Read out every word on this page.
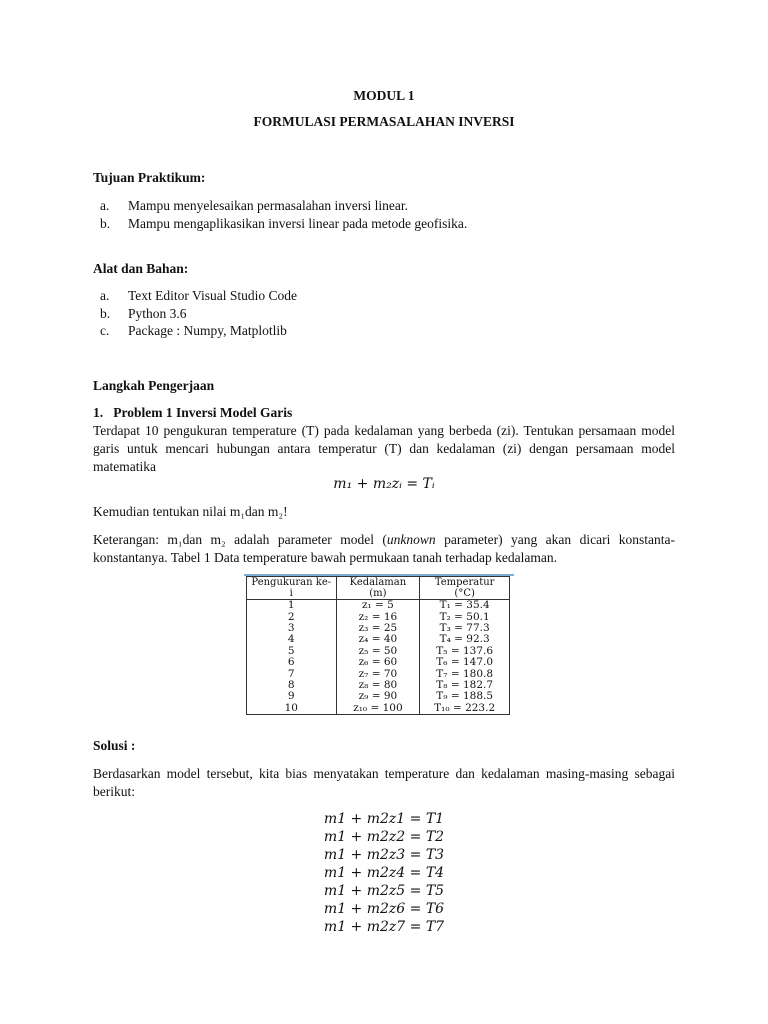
MODUL 1
FORMULASI PERMASALAHAN INVERSI
Tujuan Praktikum:
a. Mampu menyelesaikan permasalahan inversi linear.
b. Mampu mengaplikasikan inversi linear pada metode geofisika.
Alat dan Bahan:
a. Text Editor Visual Studio Code
b. Python 3.6
c. Package : Numpy, Matplotlib
Langkah Pengerjaan
1.   Problem 1 Inversi Model Garis
Terdapat 10 pengukuran temperature (T) pada kedalaman yang berbeda (zi). Tentukan persamaan model garis untuk mencari hubungan antara temperatur (T) dan kedalaman (zi) dengan persamaan model matematika
m₁ + m₂zᵢ = Tᵢ
Kemudian tentukan nilai m₁dan m₂!
Keterangan: m₁dan m₂ adalah parameter model (unknown parameter) yang akan dicari konstanta-konstantanya. Tabel 1 Data temperature bawah permukaan tanah terhadap kedalaman.
Pengukuran ke-i	Kedalaman (m)	Temperatur (°C)
1	z₁ = 5	T₁ = 35.4
2	z₂ = 16	T₂ = 50.1
3	z₃ = 25	T₃ = 77.3
4	z₄ = 40	T₄ = 92.3
5	z₅ = 50	T₅ = 137.6
6	z₆ = 60	T₆ = 147.0
7	z₇ = 70	T₇ = 180.8
8	z₈ = 80	T₈ = 182.7
9	z₉ = 90	T₉ = 188.5
10	z₁₀ = 100	T₁₀ = 223.2
Solusi :
Berdasarkan model tersebut, kita bias menyatakan temperature dan kedalaman masing-masing sebagai berikut:
m1 + m2z1 = T1
m1 + m2z2 = T2
m1 + m2z3 = T3
m1 + m2z4 = T4
m1 + m2z5 = T5
m1 + m2z6 = T6
m1 + m2z7 = T7
